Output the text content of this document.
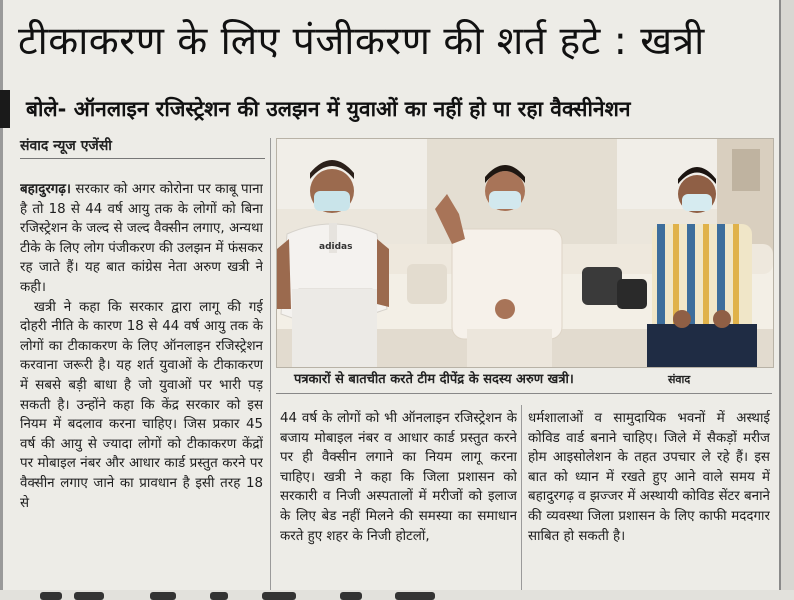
टीकाकरण के लिए पंजीकरण की शर्त हटे : खत्री
बोले- ऑनलाइन रजिस्ट्रेशन की उलझन में युवाओं का नहीं हो पा रहा वैक्सीनेशन
संवाद न्यूज एजेंसी

बहादुरगढ़। सरकार को अगर कोरोना पर काबू पाना है तो 18 से 44 वर्ष आयु तक के लोगों को बिना रजिस्ट्रेशन के जल्द से जल्द वैक्सीन लगाए, अन्यथा टीके के लिए लोग पंजीकरण की उलझन में फंसकर रह जाते हैं। यह बात कांग्रेस नेता अरुण खत्री ने कही।

खत्री ने कहा कि सरकार द्वारा लागू की गई दोहरी नीति के कारण 18 से 44 वर्ष आयु तक के लोगों का टीकाकरण के लिए ऑनलाइन रजिस्ट्रेशन करवाना जरूरी है। यह शर्त युवाओं के टीकाकरण में सबसे बड़ी बाधा है जो युवाओं पर भारी पड़ सकती है। उन्होंने कहा कि केंद्र सरकार को इस नियम में बदलाव करना चाहिए। जिस प्रकार 45 वर्ष की आयु से ज्यादा लोगों को टीकाकरण केंद्रों पर मोबाइल नंबर और आधार कार्ड प्रस्तुत करने पर वैक्सीन लगाए जाने का प्रावधान है इसी तरह 18 से

adidas
पत्रकारों से बातचीत करते टीम दीपेंद्र के सदस्य अरुण खत्री।	संवाद
44 वर्ष के लोगों को भी ऑनलाइन रजिस्ट्रेशन के बजाय मोबाइल नंबर व आधार कार्ड प्रस्तुत करने पर ही वैक्सीन लगाने का नियम लागू करना चाहिए। खत्री ने कहा कि जिला प्रशासन को सरकारी व निजी अस्पतालों में मरीजों को इलाज के लिए बेड नहीं मिलने की समस्या का समाधान करते हुए शहर के निजी होटलों,
धर्मशालाओं व सामुदायिक भवनों में अस्थाई कोविड वार्ड बनाने चाहिए। जिले में सैकड़ों मरीज होम आइसोलेशन के तहत उपचार ले रहे हैं। इस बात को ध्यान में रखते हुए आने वाले समय में बहादुरगढ़ व झज्जर में अस्थायी कोविड सेंटर बनाने की व्यवस्था जिला प्रशासन के लिए काफी मददगार साबित हो सकती है।
